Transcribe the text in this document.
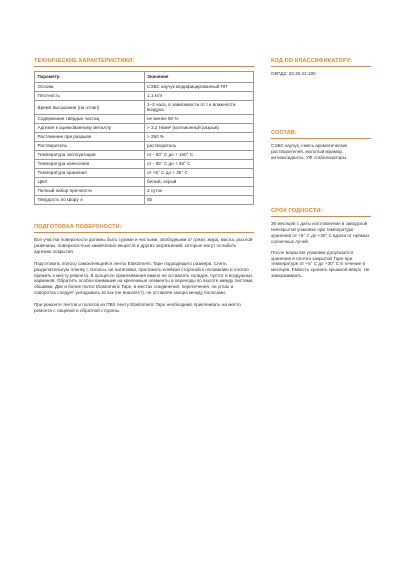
ТЕХНИЧЕСКИЕ ХАРАКТЕРИСТИКИ:
Параметр	Значение
Основа	СЭБС каучук модифицированный ПП
Плотность	1,1 кг/л
Время высыхания (на отлип)	1–3 часа, в зависимости от t и влажности воздуха
Содержание твердых частиц	не менее 80 %
Адгезия к оцинкованному металлу	> 3,2 Н/мм² (когезионный разрыв)
Растяжение при разрыве	> 250 %
Растворитель	растворитель
Температура эксплуатации	от - 60° С до + 160° С
Температура нанесения	от - 35° С до + 35° С
Температура хранения	от +5° С до + 35° С
Цвет	белый, серый
Полный набор прочности	3 суток
Твердость по Шору А	65
ПОДГОТОВКА ПОВЕРХНОСТИ:

Все участки поверхности должны быть сухими и чистыми, свободными от грязи, жира, масла, рыхлой ржавчины, поверхностных химических веществ и других загрязнений, которые могут ослабить адгезию покрытия.

Подготовить полосу самоклеящейся ленты Elastomeric Tape подходящего размера. Снять разделительную пленку с полосы, не натягивая, приложить клейкой стороной к основанию и плотно прижать к месту ремонта. В процессе приклеивания важно не оставлять складок, пустот и воздушных карманов. Обратить особое внимание на крепежные элементы и переходы по высоте между листами обшивки. Две и более полос Elastomeric Tape, в местах соединения, пересечения, на углах и поворотах следует укладывать встык (не внахлест), не оставляя зазора между полосами.

При ремонте тентов и пологов из ПВХ ленту Elastomeric Tape необходимо приклеивать на место ремонта с лицевой и обратной стороны.

КОД ПО КЛАССИФИКАТОРУ:

ОКПД2: 20.30.22.180

СОСТАВ:

СЭБС каучук, смесь ароматических растворителей, молотый мрамор, антиоксиданты, УФ стабилизаторы.

СРОК ГОДНОСТИ:

36 месяцев с даты изготовления в заводской невскрытой упаковке при температуре хранения от +5° С до +30° С вдали от прямых солнечных лучей.

После вскрытия упаковки допускается хранение в плотно закрытой Таре при температуре от +5° С до +30° С в течение 6 месяцев. Емкость хранить крышкой вверх. Не замораживать.
